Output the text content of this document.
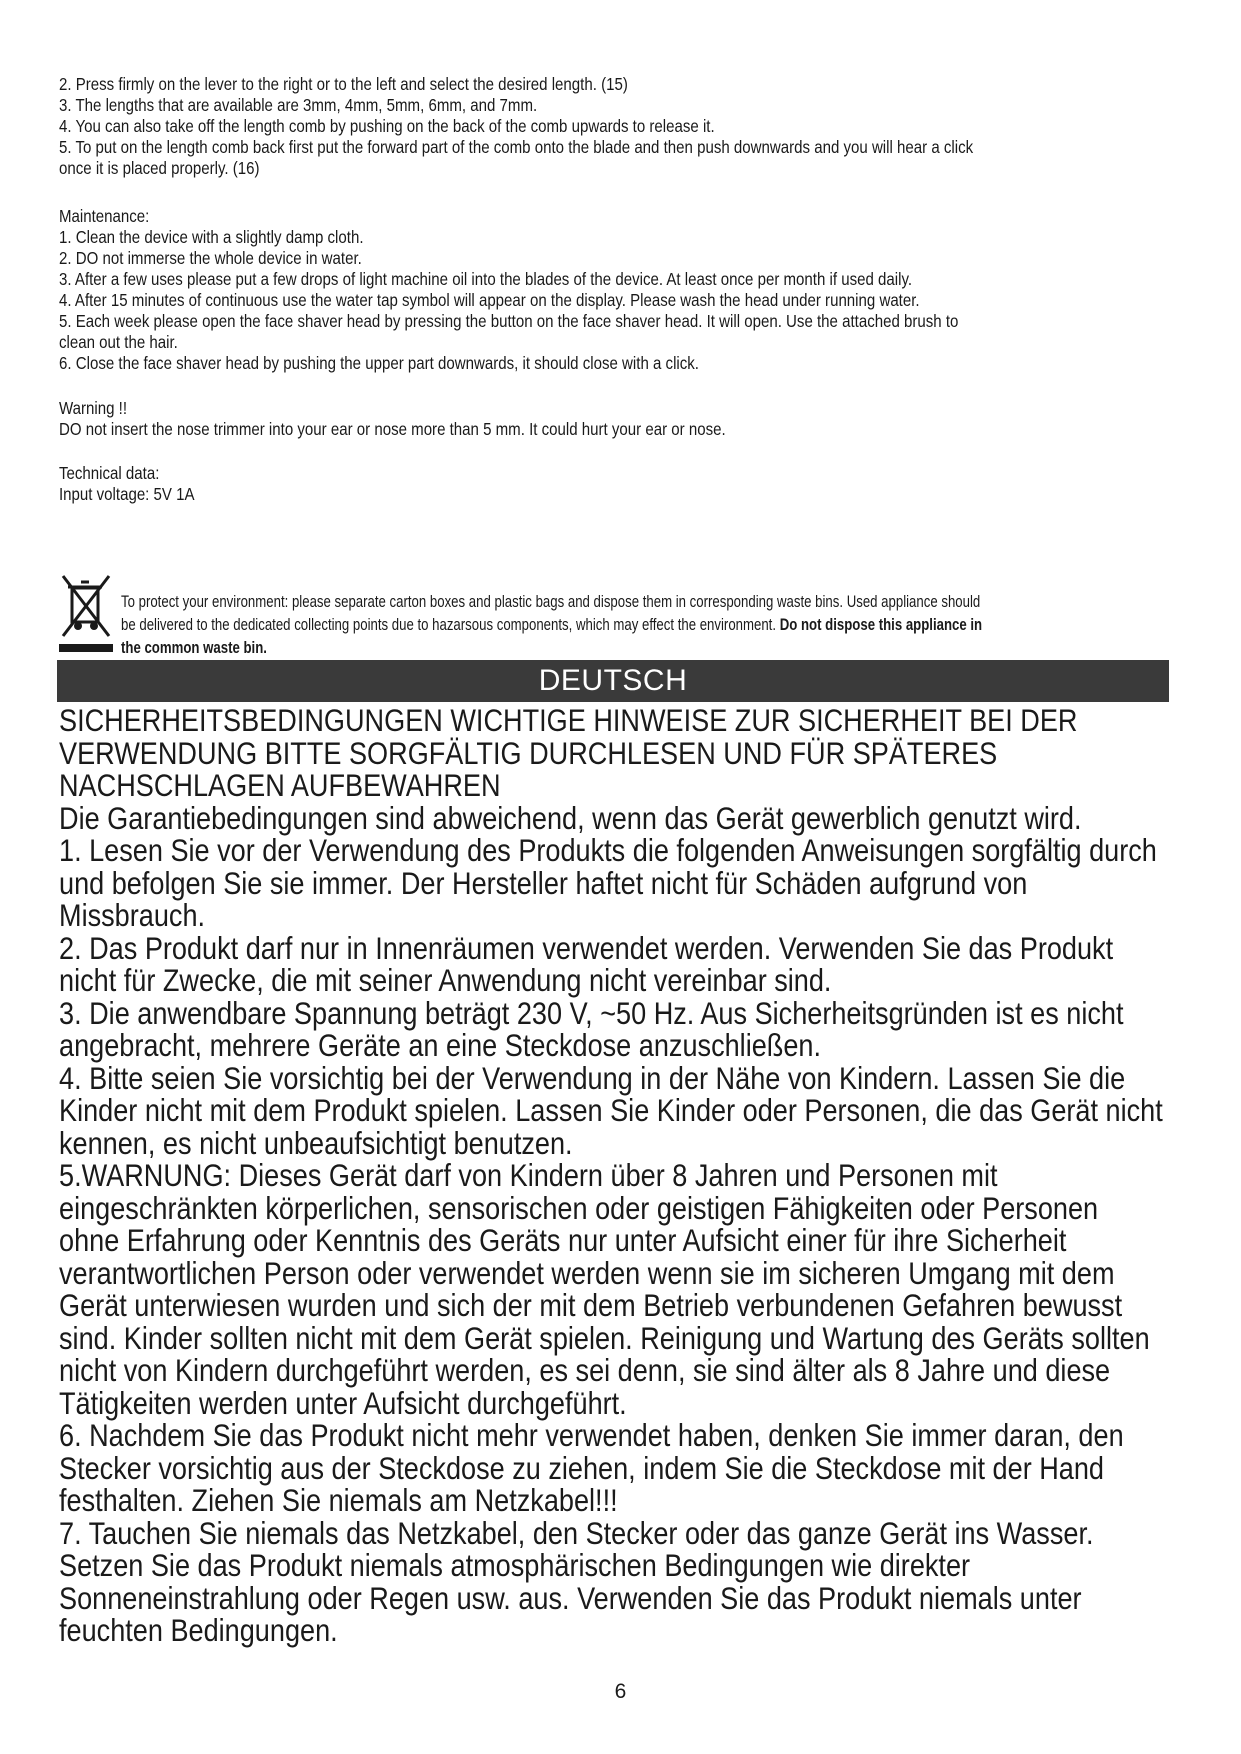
2. Press firmly on the lever to the right or to the left and select the desired length. (15)

3. The lengths that are available are 3mm, 4mm, 5mm, 6mm, and 7mm.

4. You can also take off the length comb by pushing on the back of the comb upwards to release it.

5. To put on the length comb back first put the forward part of the comb onto the blade and then push downwards and you will hear a click

once it is placed properly. (16)

Maintenance:

1. Clean the device with a slightly damp cloth.

2. DO not immerse the whole device in water.

3. After a few uses please put a few drops of light machine oil into the blades of the device. At least once per month if used daily.

4. After 15 minutes of continuous use the water tap symbol will appear on the display. Please wash the head under running water.

5. Each week please open the face shaver head by pressing the button on the face shaver head. It will open. Use the attached brush to

clean out the hair.

6. Close the face shaver head by pushing the upper part downwards, it should close with a click.

Warning !!

DO not insert the nose trimmer into your ear or nose more than 5 mm. It could hurt your ear or nose.

Technical data:

Input voltage: 5V 1A

To protect your environment: please separate carton boxes and plastic bags and dispose them in corresponding waste bins. Used appliance should
be delivered to the dedicated collecting points due to hazarsous components, which may effect the environment. Do not dispose this appliance in
the common waste bin.
DEUTSCH

SICHERHEITSBEDINGUNGEN WICHTIGE HINWEISE ZUR SICHERHEIT BEI DER

VERWENDUNG BITTE SORGFÄLTIG DURCHLESEN UND FÜR SPÄTERES

NACHSCHLAGEN AUFBEWAHREN

Die Garantiebedingungen sind abweichend, wenn das Gerät gewerblich genutzt wird.

1. Lesen Sie vor der Verwendung des Produkts die folgenden Anweisungen sorgfältig durch

und befolgen Sie sie immer. Der Hersteller haftet nicht für Schäden aufgrund von

Missbrauch.

2. Das Produkt darf nur in Innenräumen verwendet werden. Verwenden Sie das Produkt

nicht für Zwecke, die mit seiner Anwendung nicht vereinbar sind.

3. Die anwendbare Spannung beträgt 230 V, ~50 Hz. Aus Sicherheitsgründen ist es nicht

angebracht, mehrere Geräte an eine Steckdose anzuschließen.

4. Bitte seien Sie vorsichtig bei der Verwendung in der Nähe von Kindern. Lassen Sie die

Kinder nicht mit dem Produkt spielen. Lassen Sie Kinder oder Personen, die das Gerät nicht

kennen, es nicht unbeaufsichtigt benutzen.

5.WARNUNG: Dieses Gerät darf von Kindern über 8 Jahren und Personen mit

eingeschränkten körperlichen, sensorischen oder geistigen Fähigkeiten oder Personen

ohne Erfahrung oder Kenntnis des Geräts nur unter Aufsicht einer für ihre Sicherheit

verantwortlichen Person oder verwendet werden wenn sie im sicheren Umgang mit dem

Gerät unterwiesen wurden und sich der mit dem Betrieb verbundenen Gefahren bewusst

sind. Kinder sollten nicht mit dem Gerät spielen. Reinigung und Wartung des Geräts sollten

nicht von Kindern durchgeführt werden, es sei denn, sie sind älter als 8 Jahre und diese

Tätigkeiten werden unter Aufsicht durchgeführt.

6. Nachdem Sie das Produkt nicht mehr verwendet haben, denken Sie immer daran, den

Stecker vorsichtig aus der Steckdose zu ziehen, indem Sie die Steckdose mit der Hand

festhalten. Ziehen Sie niemals am Netzkabel!!!

7. Tauchen Sie niemals das Netzkabel, den Stecker oder das ganze Gerät ins Wasser.

Setzen Sie das Produkt niemals atmosphärischen Bedingungen wie direkter

Sonneneinstrahlung oder Regen usw. aus. Verwenden Sie das Produkt niemals unter

feuchten Bedingungen.

6
